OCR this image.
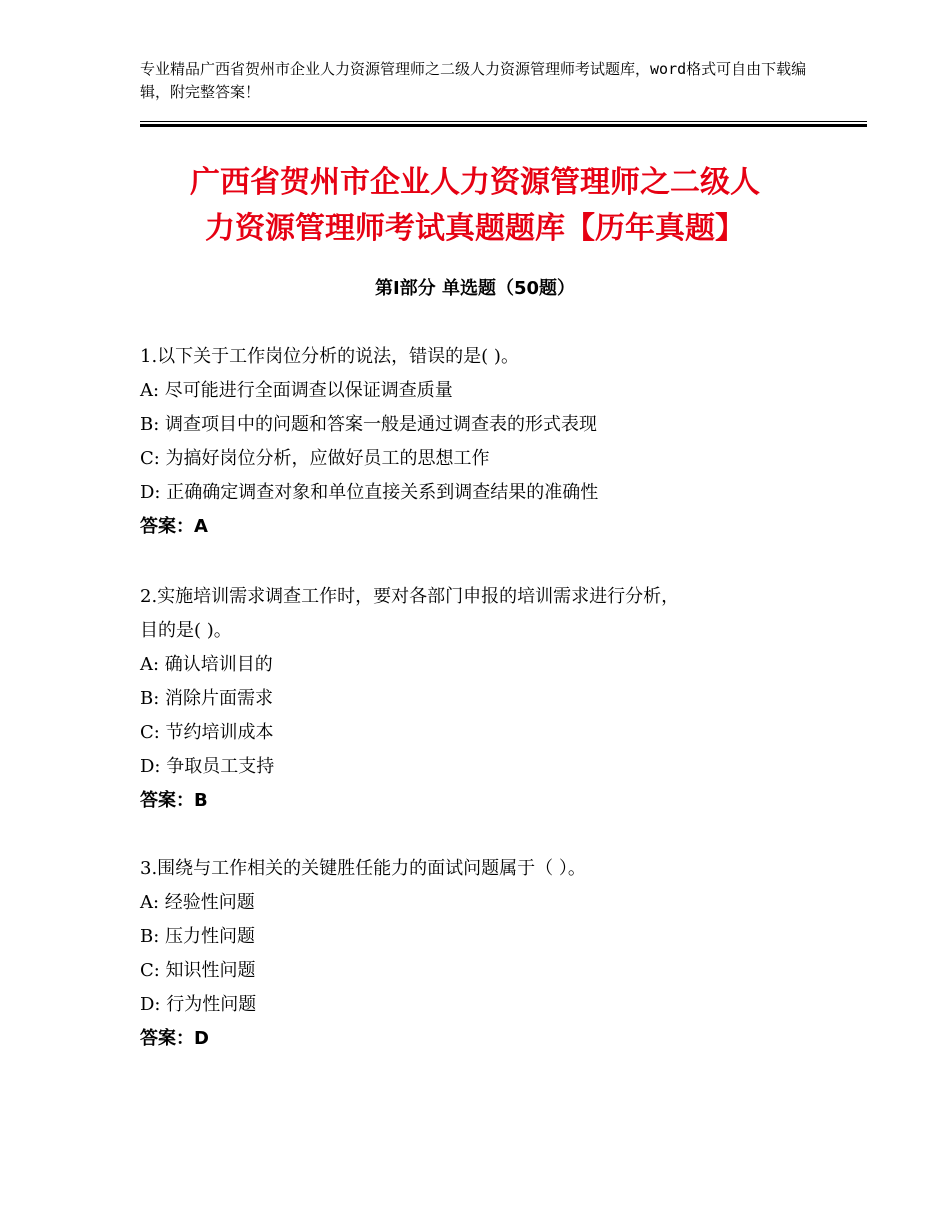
专业精品广西省贺州市企业人力资源管理师之二级人力资源管理师考试题库，word格式可自由下载编辑，附完整答案！
广西省贺州市企业人力资源管理师之二级人
力资源管理师考试真题题库【历年真题】
第Ⅰ部分 单选题（50题）
1.以下关于工作岗位分析的说法，错误的是( )。
A: 尽可能进行全面调查以保证调查质量
B: 调查项目中的问题和答案一般是通过调查表的形式表现
C: 为搞好岗位分析，应做好员工的思想工作
D: 正确确定调查对象和单位直接关系到调查结果的准确性
答案：A
2.实施培训需求调查工作时，要对各部门申报的培训需求进行分析，
目的是( )。
A: 确认培训目的
B: 消除片面需求
C: 节约培训成本
D: 争取员工支持
答案：B
3.围绕与工作相关的关键胜任能力的面试问题属于（ ）。
A: 经验性问题
B: 压力性问题
C: 知识性问题
D: 行为性问题
答案：D
